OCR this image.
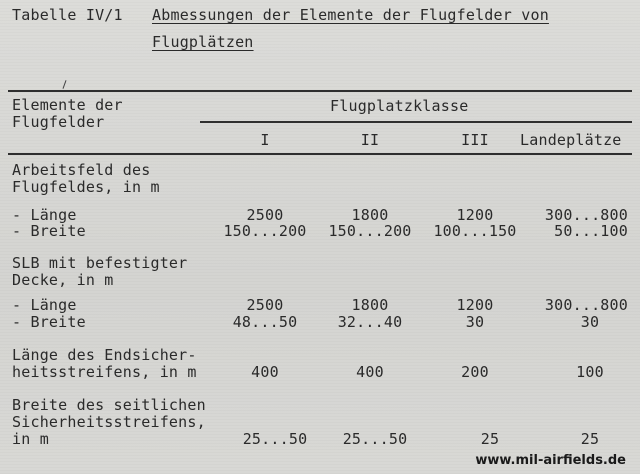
Tabelle IV/1 Abmessungen der Elemente der Flugfelder von
Flugplätzen
Elemente der
Flugfelder
Flugplatzklasse
I	II	III	Landeplätze
Arbeitsfeld des
Flugfeldes, in m
- Länge	2500	1800	1200	300...800
- Breite	150...200	150...200	100...150	50...100
SLB mit befestigter
Decke, in m
- Länge	2500	1800	1200	300...800
- Breite	48...50	32...40	30	30
Länge des Endsicher-
heitsstreifens, in m	400	400	200	100
Breite des seitlichen
Sicherheitsstreifens,
in m	25...50	25...50	25	25
www.mil-airfields.de
